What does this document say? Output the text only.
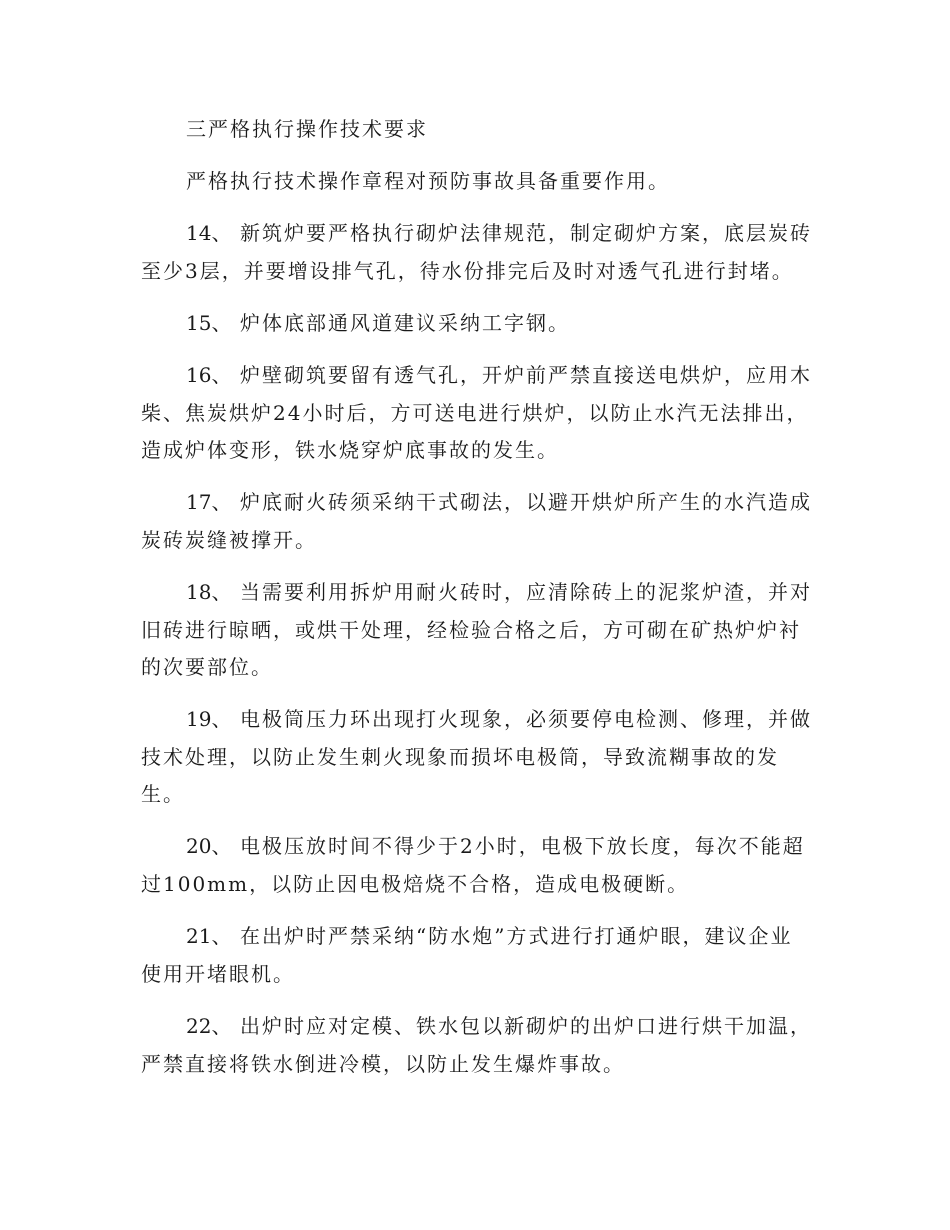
三严格执行操作技术要求
严格执行技术操作章程对预防事故具备重要作用。
14、 新筑炉要严格执行砌炉法律规范，制定砌炉方案，底层炭砖
至少3层，并要增设排气孔，待水份排完后及时对透气孔进行封堵。
15、 炉体底部通风道建议采纳工字钢。
16、 炉壁砌筑要留有透气孔，开炉前严禁直接送电烘炉，应用木
柴、焦炭烘炉24小时后，方可送电进行烘炉，以防止水汽无法排出，
造成炉体变形，铁水烧穿炉底事故的发生。
17、 炉底耐火砖须采纳干式砌法，以避开烘炉所产生的水汽造成
炭砖炭缝被撑开。
18、 当需要利用拆炉用耐火砖时，应清除砖上的泥浆炉渣，并对
旧砖进行晾晒，或烘干处理，经检验合格之后，方可砌在矿热炉炉衬
的次要部位。
19、 电极筒压力环出现打火现象，必须要停电检测、修理，并做
技术处理，以防止发生刺火现象而损坏电极筒，导致流糊事故的发
生。
20、 电极压放时间不得少于2小时，电极下放长度，每次不能超
过100mm，以防止因电极焙烧不合格，造成电极硬断。
21、 在出炉时严禁采纳“防水炮”方式进行打通炉眼，建议企业
使用开堵眼机。
22、 出炉时应对定模、铁水包以新砌炉的出炉口进行烘干加温，
严禁直接将铁水倒进冷模，以防止发生爆炸事故。
